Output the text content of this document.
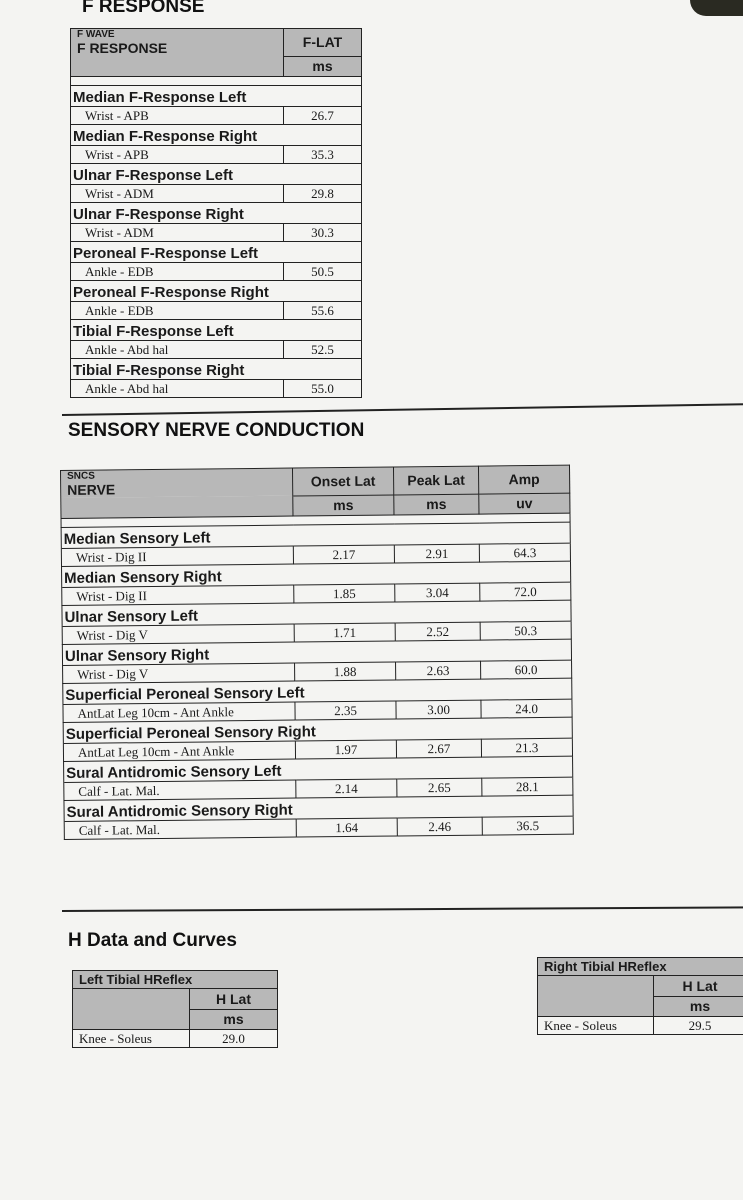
F RESPONSE
F WAVE
F RESPONSE	F-LAT
	ms

Median F-Response Left	
Wrist - APB	26.7
Median F-Response Right	
Wrist - APB	35.3
Ulnar F-Response Left	
Wrist - ADM	29.8
Ulnar F-Response Right	
Wrist - ADM	30.3
Peroneal F-Response Left	
Ankle - EDB	50.5
Peroneal F-Response Right	
Ankle - EDB	55.6
Tibial F-Response Left	
Ankle - Abd hal	52.5
Tibial F-Response Right	
Ankle - Abd hal	55.0
SENSORY NERVE CONDUCTION
SNCS
NERVE	Onset Lat	Peak Lat	Amp
	ms	ms	uv

Median Sensory Left			
Wrist - Dig II	2.17	2.91	64.3
Median Sensory Right			
Wrist - Dig II	1.85	3.04	72.0
Ulnar Sensory Left			
Wrist - Dig V	1.71	2.52	50.3
Ulnar Sensory Right			
Wrist - Dig V	1.88	2.63	60.0
Superficial Peroneal Sensory Left			
AntLat Leg 10cm - Ant Ankle	2.35	3.00	24.0
Superficial Peroneal Sensory Right			
AntLat Leg 10cm - Ant Ankle	1.97	2.67	21.3
Sural Antidromic Sensory Left			
Calf - Lat. Mal.	2.14	2.65	28.1
Sural Antidromic Sensory Right			
Calf - Lat. Mal.	1.64	2.46	36.5
H Data and Curves
Left Tibial HReflex	
	H Lat
	ms
Knee - Soleus	29.0
Right Tibial HReflex	
	H Lat
	ms
Knee - Soleus	29.5
